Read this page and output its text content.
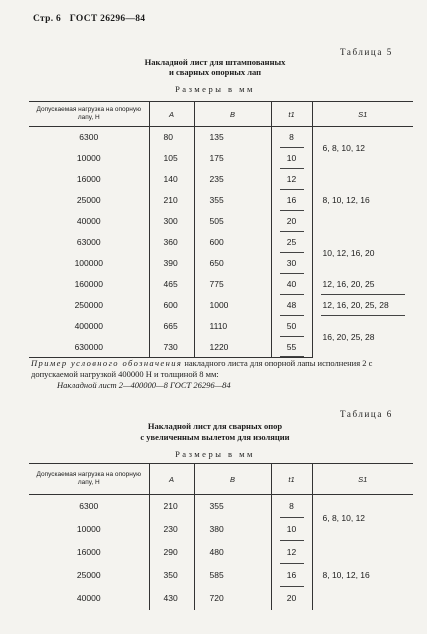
Стр. 6 ГОСТ 26296—84
Таблица 5
Накладной лист для штампованных
и сварных опорных лап
Размеры в мм
Допускаемая нагрузка на опорную лапу, Н	A	B	t1	S1
6300	80	135	8	6, 8, 10, 12
10000	105	175	10	
16000	140	235	12	8, 10, 12, 16
25000	210	355	16	
40000	300	505	20	
63000	360	600	25	10, 12, 16, 20
100000	390	650	30	
160000	465	775	40	12, 16, 20, 25
250000	600	1000	48	12, 16, 20, 25, 28
400000	665	1110	50	16, 20, 25, 28
630000	730	1220	55	
Пример условного обозначения накладного листа для опорной лапы исполнения 2 с допускаемой нагрузкой 400000 Н и толщиной 8 мм:
Накладной лист 2—400000—8 ГОСТ 26296—84
Таблица 6
Накладной лист для сварных опор
с увеличенным вылетом для изоляции
Размеры в мм
Допускаемая нагрузка на опорную лапу, Н	A	B	t1	S1
6300	210	355	8	6, 8, 10, 12
10000	230	380	10	
16000	290	480	12	8, 10, 12, 16
25000	350	585	16	
40000	430	720	20	
